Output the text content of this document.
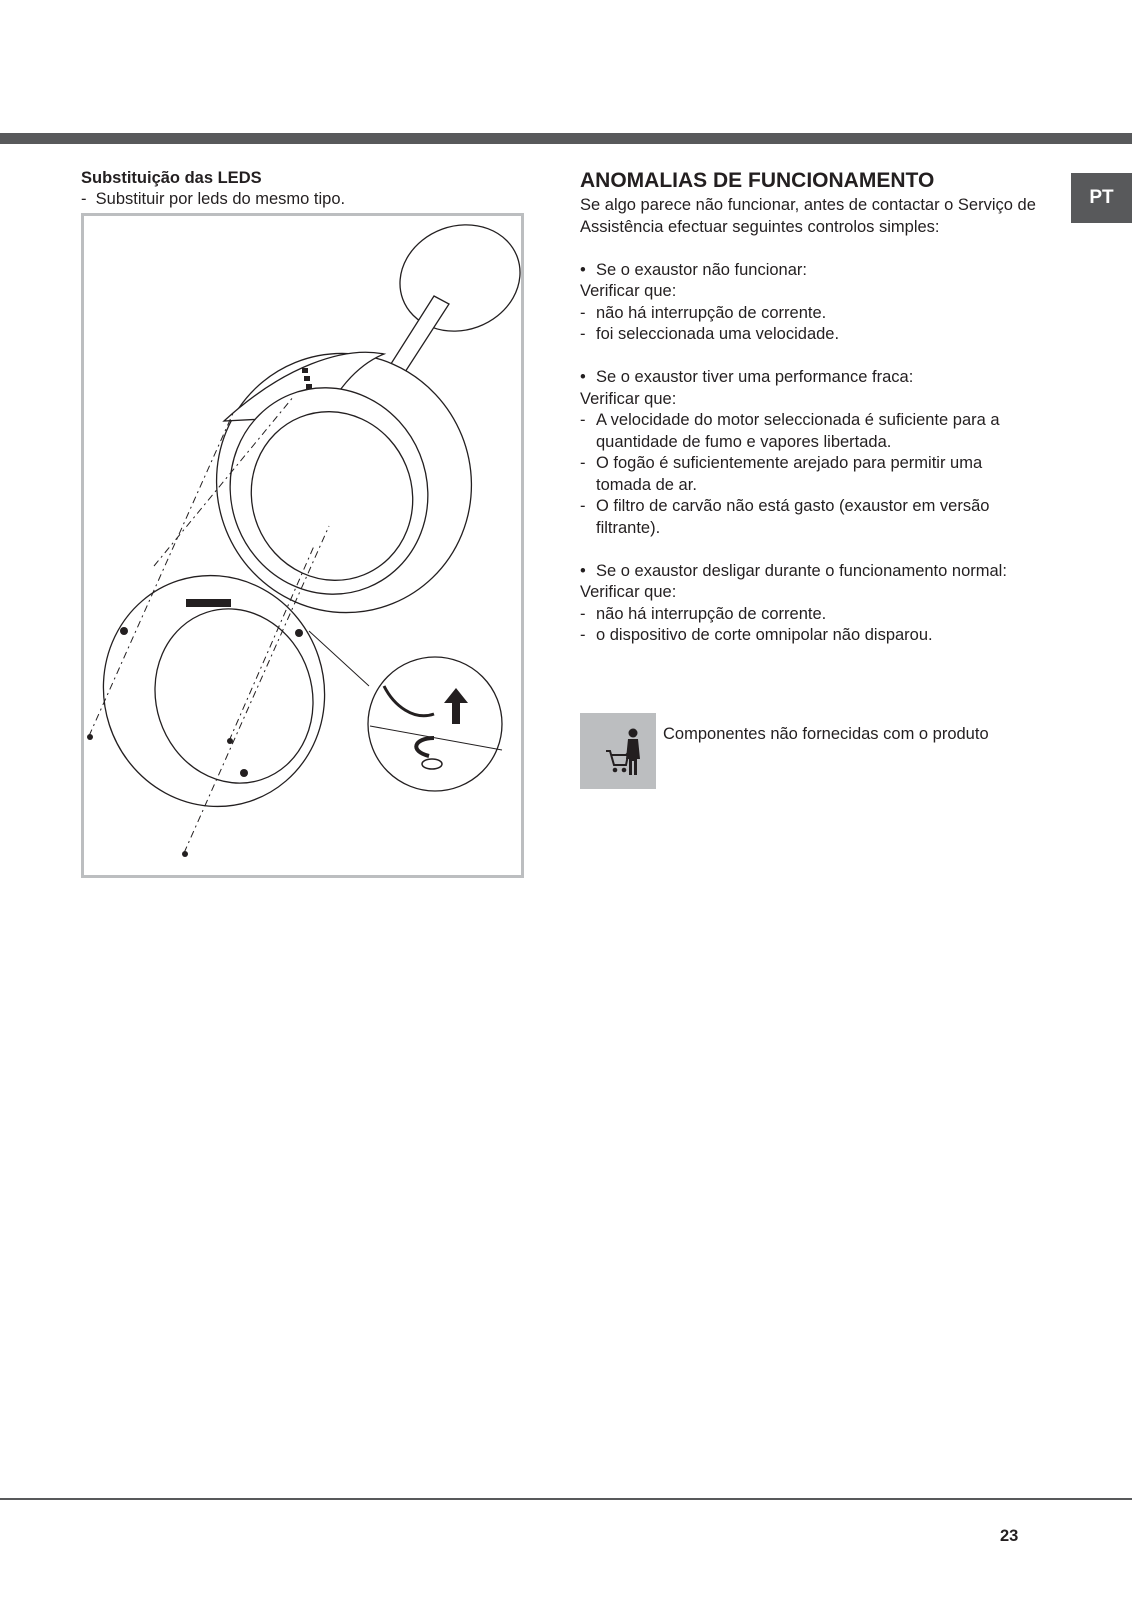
PT
Substituição das LEDS
-  Substituir por leds do mesmo tipo.
ANOMALIAS DE FUNCIONAMENTO
Se algo parece não funcionar, antes de contactar o Serviço de Assistência efectuar seguintes controlos simples:
• Se o exaustor não funcionar:
Verificar que:
- não há interrupção de corrente.
- foi seleccionada uma velocidade.
• Se o exaustor tiver uma performance fraca:
Verificar que:
- A velocidade do motor seleccionada é suficiente para a quantidade de fumo e vapores libertada.
- O fogão é suficientemente arejado para permitir uma tomada de ar.
- O filtro de carvão não está gasto (exaustor em versão filtrante).
• Se o exaustor desligar durante o funcionamento normal:
Verificar que:
- não há interrupção de corrente.
- o dispositivo de corte omnipolar não disparou.
Componentes não fornecidas com o produto
23
